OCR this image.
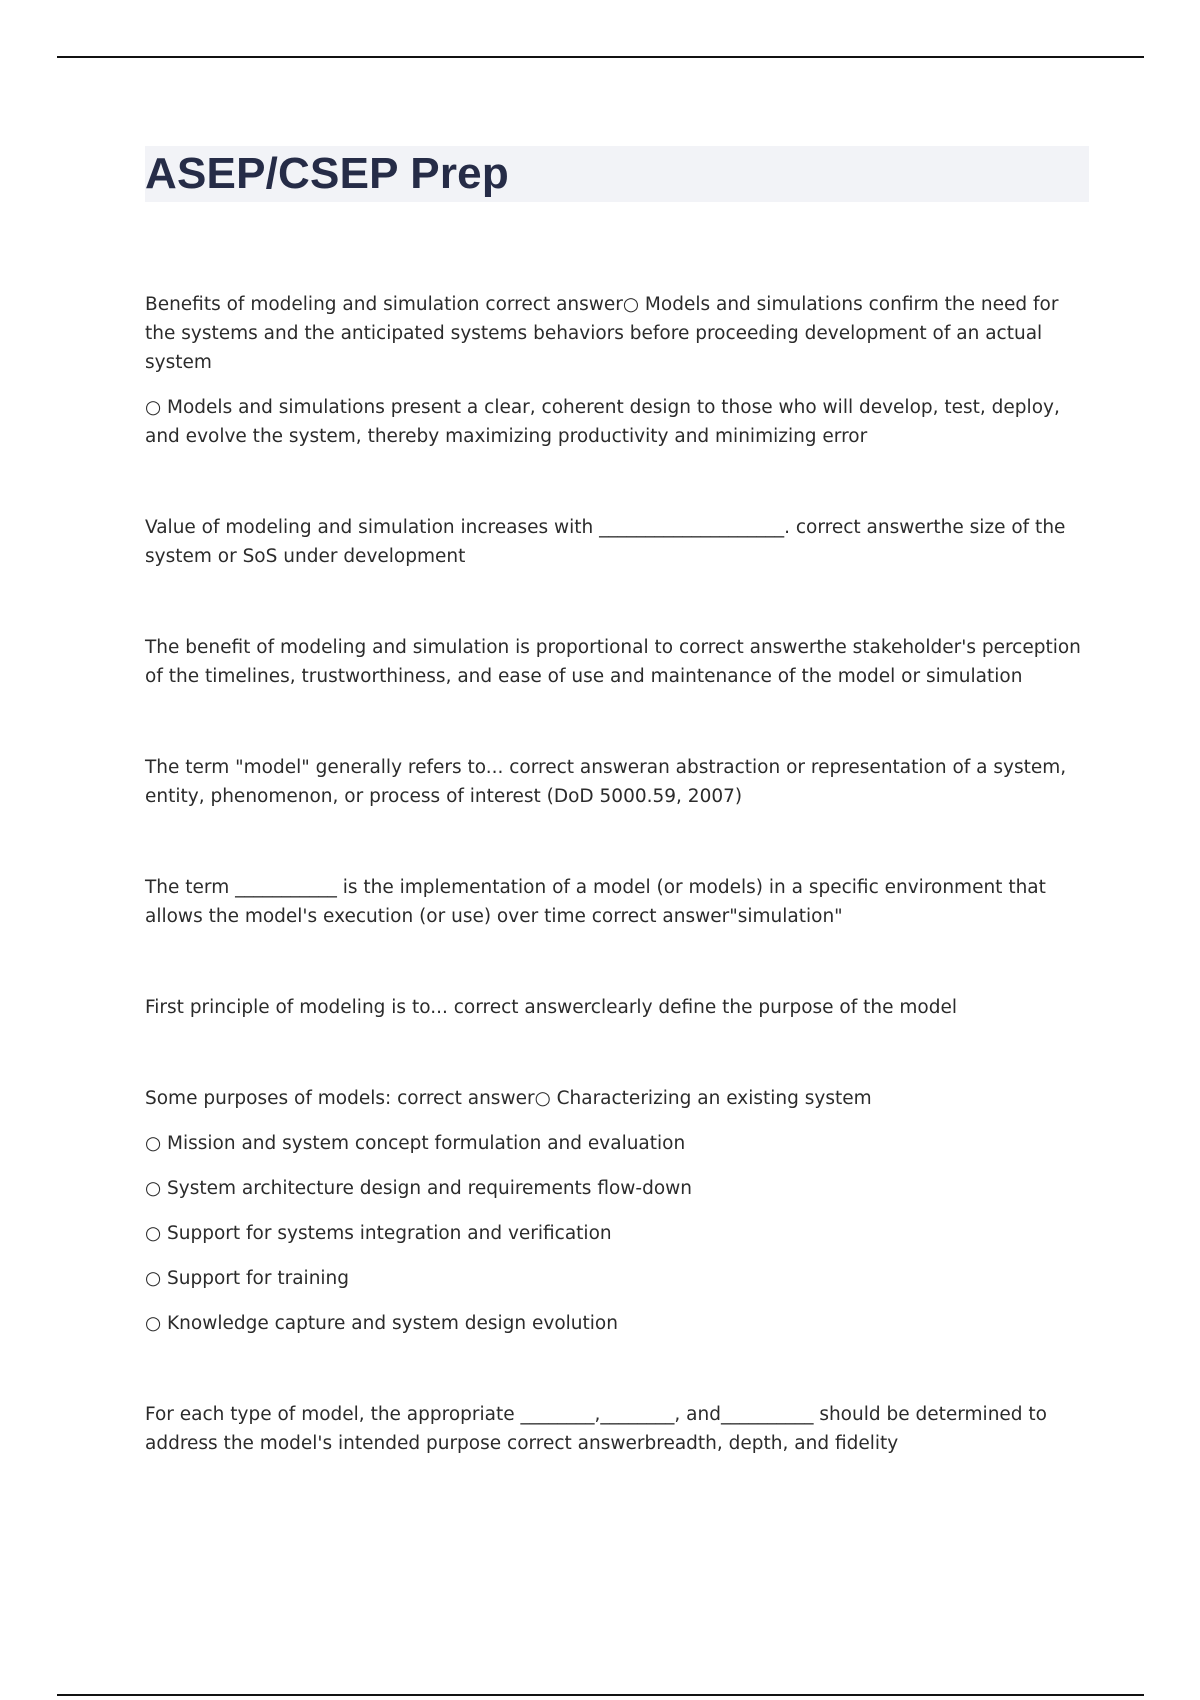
ASEP/CSEP Prep

Benefits of modeling and simulation correct answer○ Models and simulations confirm the need for the systems and the anticipated systems behaviors before proceeding development of an actual system

○ Models and simulations present a clear, coherent design to those who will develop, test, deploy, and evolve the system, thereby maximizing productivity and minimizing error

Value of modeling and simulation increases with ____________________. correct answerthe size of the system or SoS under development

The benefit of modeling and simulation is proportional to correct answerthe stakeholder's perception of the timelines, trustworthiness, and ease of use and maintenance of the model or simulation

The term "model" generally refers to... correct answeran abstraction or representation of a system, entity, phenomenon, or process of interest (DoD 5000.59, 2007)

The term ___________ is the implementation of a model (or models) in a specific environment that allows the model's execution (or use) over time correct answer"simulation"

First principle of modeling is to... correct answerclearly define the purpose of the model

Some purposes of models: correct answer○ Characterizing an existing system

○ Mission and system concept formulation and evaluation

○ System architecture design and requirements flow-down

○ Support for systems integration and verification

○ Support for training

○ Knowledge capture and system design evolution

For each type of model, the appropriate ________,________, and__________ should be determined to address the model's intended purpose correct answerbreadth, depth, and fidelity
